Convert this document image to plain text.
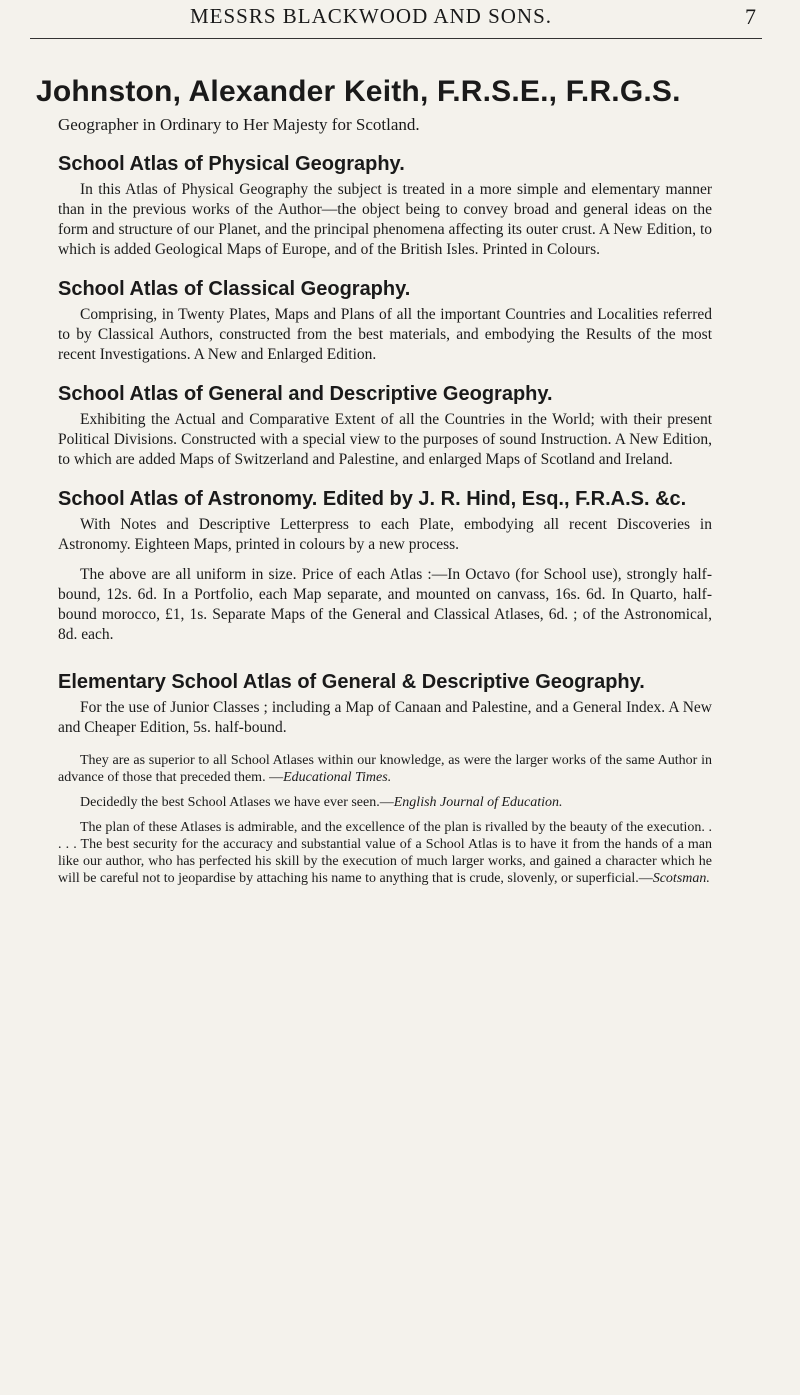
MESSRS BLACKWOOD AND SONS.	7
Johnston, Alexander Keith, F.R.S.E., F.R.G.S.
Geographer in Ordinary to Her Majesty for Scotland.
School Atlas of Physical Geography.
In this Atlas of Physical Geography the subject is treated in a more simple and elementary manner than in the previous works of the Author—the object being to convey broad and general ideas on the form and structure of our Planet, and the principal phenomena affecting its outer crust. A New Edition, to which is added Geological Maps of Europe, and of the British Isles. Printed in Colours.
School Atlas of Classical Geography.
Comprising, in Twenty Plates, Maps and Plans of all the important Countries and Localities referred to by Classical Authors, constructed from the best materials, and embodying the Results of the most recent Investigations. A New and Enlarged Edition.
School Atlas of General and Descriptive Geography.
Exhibiting the Actual and Comparative Extent of all the Countries in the World; with their present Political Divisions. Constructed with a special view to the purposes of sound Instruction. A New Edition, to which are added Maps of Switzerland and Palestine, and enlarged Maps of Scotland and Ireland.
School Atlas of Astronomy. Edited by J. R. Hind, Esq., F.R.A.S. &c.
With Notes and Descriptive Letterpress to each Plate, embodying all recent Discoveries in Astronomy. Eighteen Maps, printed in colours by a new process.
The above are all uniform in size. Price of each Atlas :—In Octavo (for School use), strongly half-bound, 12s. 6d. In a Portfolio, each Map separate, and mounted on canvass, 16s. 6d. In Quarto, half-bound morocco, £1, 1s. Separate Maps of the General and Classical Atlases, 6d. ; of the Astronomical, 8d. each.
Elementary School Atlas of General & Descriptive Geography.
For the use of Junior Classes ; including a Map of Canaan and Palestine, and a General Index. A New and Cheaper Edition, 5s. half-bound.
They are as superior to all School Atlases within our knowledge, as were the larger works of the same Author in advance of those that preceded them. —Educational Times.
Decidedly the best School Atlases we have ever seen.—English Journal of Education.
The plan of these Atlases is admirable, and the excellence of the plan is rivalled by the beauty of the execution. . . . . The best security for the accuracy and substantial value of a School Atlas is to have it from the hands of a man like our author, who has perfected his skill by the execution of much larger works, and gained a character which he will be careful not to jeopardise by attaching his name to anything that is crude, slovenly, or superficial.—Scotsman.
